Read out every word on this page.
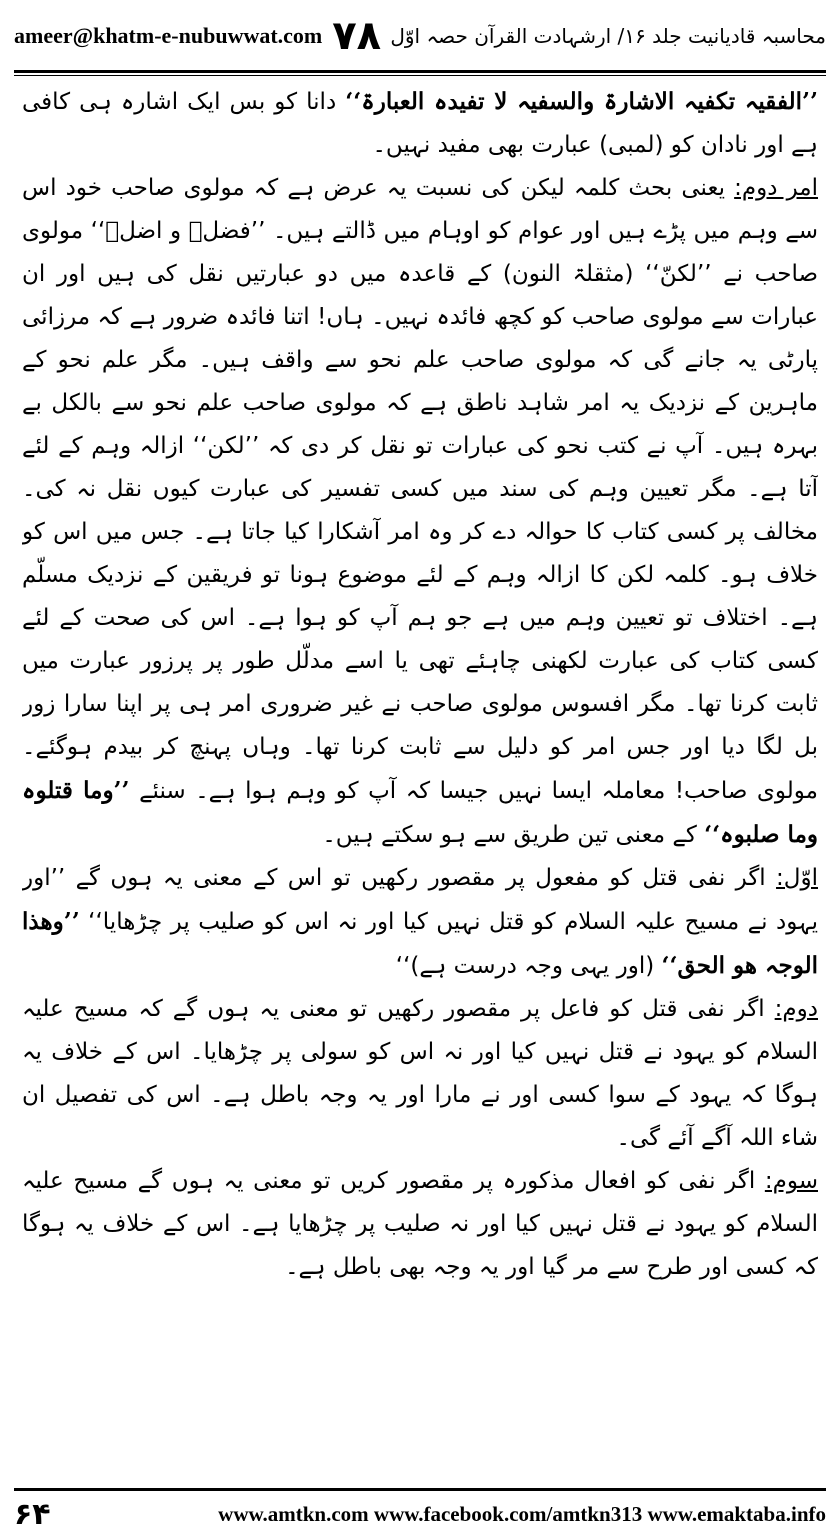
ameer@khatm-e-nubuwwat.com ۷۸ محاسبہ قادیانیت جلد ۱۶/ ارشہادت القرآن حصہ اوّل

’’الفقیہ تکفیہ الاشارۃ والسفیہ لا تفیدہ العبارۃ‘‘ دانا کو بس ایک اشارہ ہی کافی ہے اور نادان کو (لمبی) عبارت بھی مفید نہیں۔

امر دوم: یعنی بحث کلمہ لیکن کی نسبت یہ عرض ہے کہ مولوی صاحب خود اس سے وہم میں پڑے ہیں اور عوام کو اوہام میں ڈالتے ہیں۔ ’’فضلؔ و اضلؔ‘‘ مولوی صاحب نے ’’لکنّ‘‘ (مثقلۃ النون) کے قاعدہ میں دو عبارتیں نقل کی ہیں اور ان عبارات سے مولوی صاحب کو کچھ فائدہ نہیں۔ ہاں! اتنا فائدہ ضرور ہے کہ مرزائی پارٹی یہ جانے گی کہ مولوی صاحب علم نحو سے واقف ہیں۔ مگر علم نحو کے ماہرین کے نزدیک یہ امر شاہد ناطق ہے کہ مولوی صاحب علم نحو سے بالکل بے بہرہ ہیں۔ آپ نے کتب نحو کی عبارات تو نقل کر دی کہ ’’لکن‘‘ ازالہ وہم کے لئے آتا ہے۔ مگر تعیین وہم کی سند میں کسی تفسیر کی عبارت کیوں نقل نہ کی۔ مخالف پر کسی کتاب کا حوالہ دے کر وہ امر آشکارا کیا جاتا ہے۔ جس میں اس کو خلاف ہو۔ کلمہ لکن کا ازالہ وہم کے لئے موضوع ہونا تو فریقین کے نزدیک مسلّم ہے۔ اختلاف تو تعیین وہم میں ہے جو ہم آپ کو ہوا ہے۔ اس کی صحت کے لئے کسی کتاب کی عبارت لکھنی چاہئے تھی یا اسے مدلّل طور پر پرزور عبارت میں ثابت کرنا تھا۔ مگر افسوس مولوی صاحب نے غیر ضروری امر ہی پر اپنا سارا زور بل لگا دیا اور جس امر کو دلیل سے ثابت کرنا تھا۔ وہاں پہنچ کر بیدم ہوگئے۔ مولوی صاحب! معاملہ ایسا نہیں جیسا کہ آپ کو وہم ہوا ہے۔ سنئے ’’وما قتلوہ وما صلبوہ‘‘ کے معنی تین طریق سے ہو سکتے ہیں۔

اوّل: اگر نفی قتل کو مفعول پر مقصور رکھیں تو اس کے معنی یہ ہوں گے ’’اور یہود نے مسیح علیہ السلام کو قتل نہیں کیا اور نہ اس کو صلیب پر چڑھایا‘‘ ’’وھذا الوجہ ھو الحق‘‘ (اور یہی وجہ درست ہے)‘‘

دوم: اگر نفی قتل کو فاعل پر مقصور رکھیں تو معنی یہ ہوں گے کہ مسیح علیہ السلام کو یہود نے قتل نہیں کیا اور نہ اس کو سولی پر چڑھایا۔ اس کے خلاف یہ ہوگا کہ یہود کے سوا کسی اور نے مارا اور یہ وجہ باطل ہے۔ اس کی تفصیل ان شاء اللہ آگے آئے گی۔

سوم: اگر نفی کو افعال مذکورہ پر مقصور کریں تو معنی یہ ہوں گے مسیح علیہ السلام کو یہود نے قتل نہیں کیا اور نہ صلیب پر چڑھایا ہے۔ اس کے خلاف یہ ہوگا کہ کسی اور طرح سے مر گیا اور یہ وجہ بھی باطل ہے۔

۶۴	www.amtkn.com www.facebook.com/amtkn313 www.emaktaba.info
